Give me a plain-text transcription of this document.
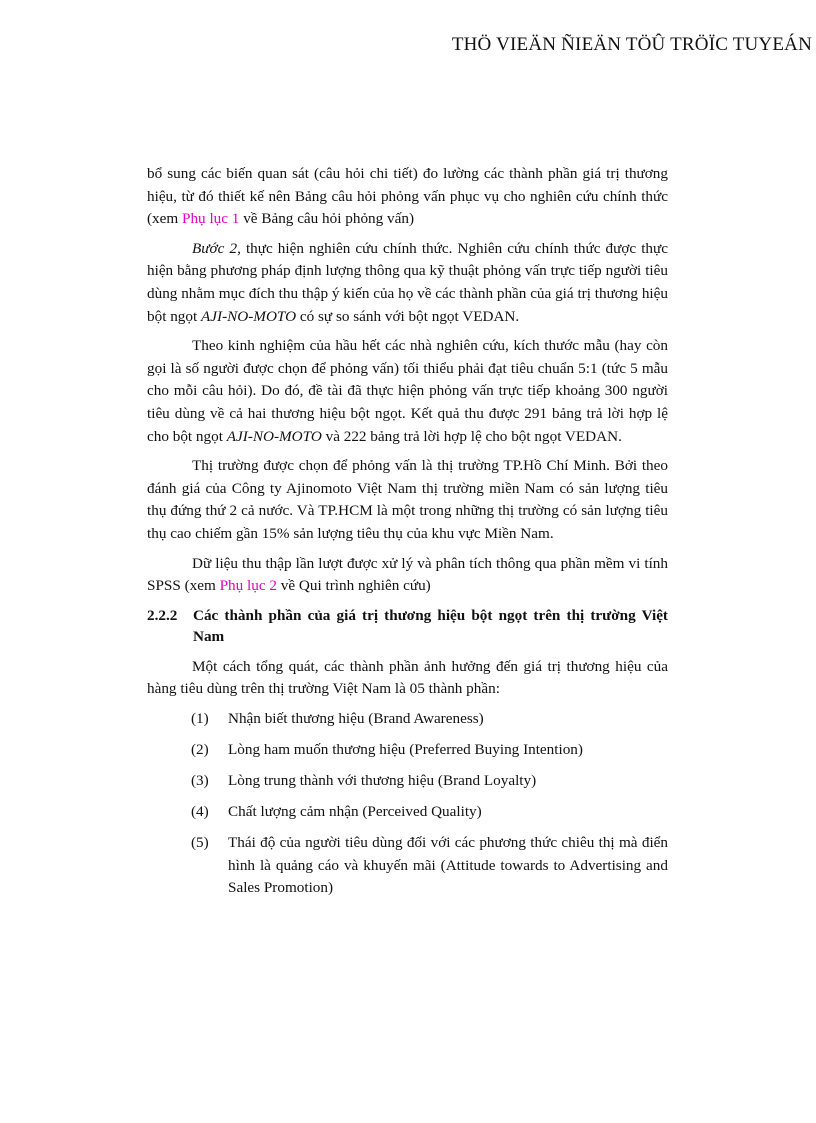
THÖ VIEÄN ÑIEÄN TÖÛ TRÖÏC TUYEÁN

bổ sung các biến quan sát (câu hỏi chi tiết) đo lường các thành phần giá trị thương hiệu, từ đó thiết kế nên Bảng câu hỏi phỏng vấn phục vụ cho nghiên cứu chính thức (xem Phụ lục 1 về Bảng câu hỏi phỏng vấn)

Bước 2, thực hiện nghiên cứu chính thức. Nghiên cứu chính thức được thực hiện bằng phương pháp định lượng thông qua kỹ thuật phỏng vấn trực tiếp người tiêu dùng nhằm mục đích thu thập ý kiến của họ về các thành phần của giá trị thương hiệu bột ngọt AJI-NO-MOTO có sự so sánh với bột ngọt VEDAN.

Theo kinh nghiệm của hầu hết các nhà nghiên cứu, kích thước mẫu (hay còn gọi là số người được chọn để phỏng vấn) tối thiểu phải đạt tiêu chuẩn 5:1 (tức 5 mẫu cho mỗi câu hỏi). Do đó, đề tài đã thực hiện phỏng vấn trực tiếp khoảng 300 người tiêu dùng về cả hai thương hiệu bột ngọt. Kết quả thu được 291 bảng trả lời hợp lệ cho bột ngọt AJI-NO-MOTO và 222 bảng trả lời hợp lệ cho bột ngọt VEDAN.

Thị trường được chọn để phỏng vấn là thị trường TP.Hồ Chí Minh. Bởi theo đánh giá của Công ty Ajinomoto Việt Nam thị trường miền Nam có sản lượng tiêu thụ đứng thứ 2 cả nước. Và TP.HCM là một trong những thị trường có sản lượng tiêu thụ cao chiếm gần 15% sản lượng tiêu thụ của khu vực Miền Nam.

Dữ liệu thu thập lần lượt được xử lý và phân tích thông qua phần mềm vi tính SPSS (xem Phụ lục 2 về Qui trình nghiên cứu)

2.2.2	Các thành phần của giá trị thương hiệu bột ngọt trên thị trường Việt Nam

Một cách tổng quát, các thành phần ảnh hưởng đến giá trị thương hiệu của hàng tiêu dùng trên thị trường Việt Nam là 05 thành phần:

(1)	Nhận biết thương hiệu (Brand Awareness)
(2)	Lòng ham muốn thương hiệu (Preferred Buying Intention)
(3)	Lòng trung thành với thương hiệu (Brand Loyalty)
(4)	Chất lượng cảm nhận (Perceived Quality)
(5)	Thái độ của người tiêu dùng đối với các phương thức chiêu thị mà điển hình là quảng cáo và khuyến mãi (Attitude towards to Advertising and Sales Promotion)
